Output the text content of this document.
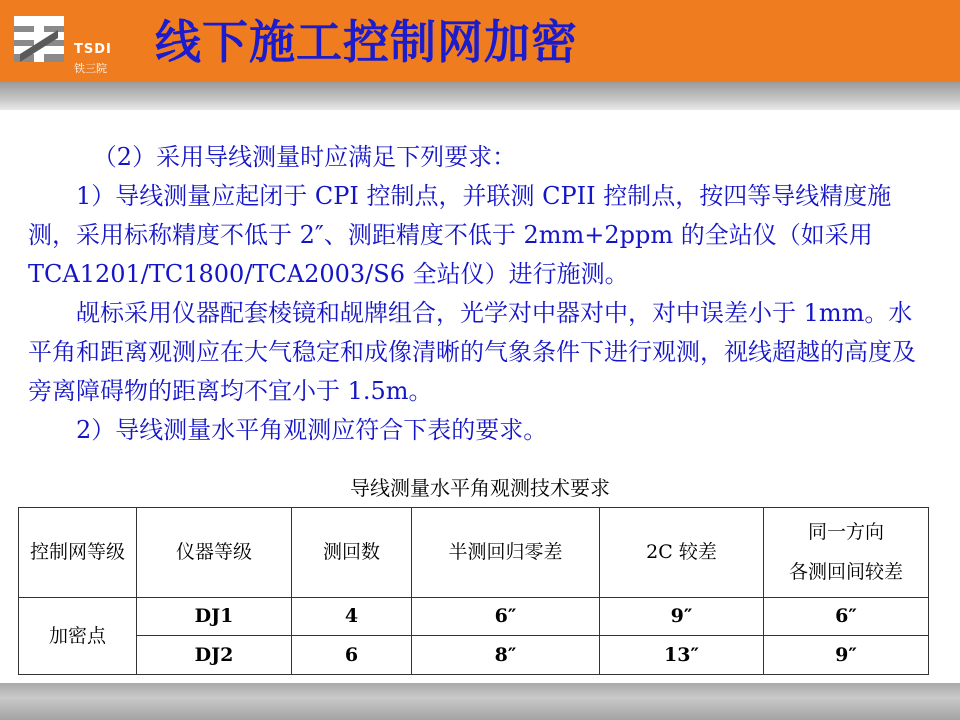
TSDI
铁三院 线下施工控制网加密

（2）采用导线测量时应满足下列要求：

1）导线测量应起闭于 CPI 控制点，并联测 CPII 控制点，按四等导线精度施测，采用标称精度不低于 2″、测距精度不低于 2mm+2ppm 的全站仪（如采用 TCA1201/TC1800/TCA2003/S6 全站仪）进行施测。

觇标采用仪器配套棱镜和觇牌组合，光学对中器对中，对中误差小于 1mm。水平角和距离观测应在大气稳定和成像清晰的气象条件下进行观测，视线超越的高度及旁离障碍物的距离均不宜小于 1.5m。

2）导线测量水平角观测应符合下表的要求。

导线测量水平角观测技术要求
控制网等级	仪器等级	测回数	半测回归零差	2C 较差	同一方向
各测回间较差
加密点	DJ1	4	6″	9″	6″
	DJ2	6	8″	13″	9″
